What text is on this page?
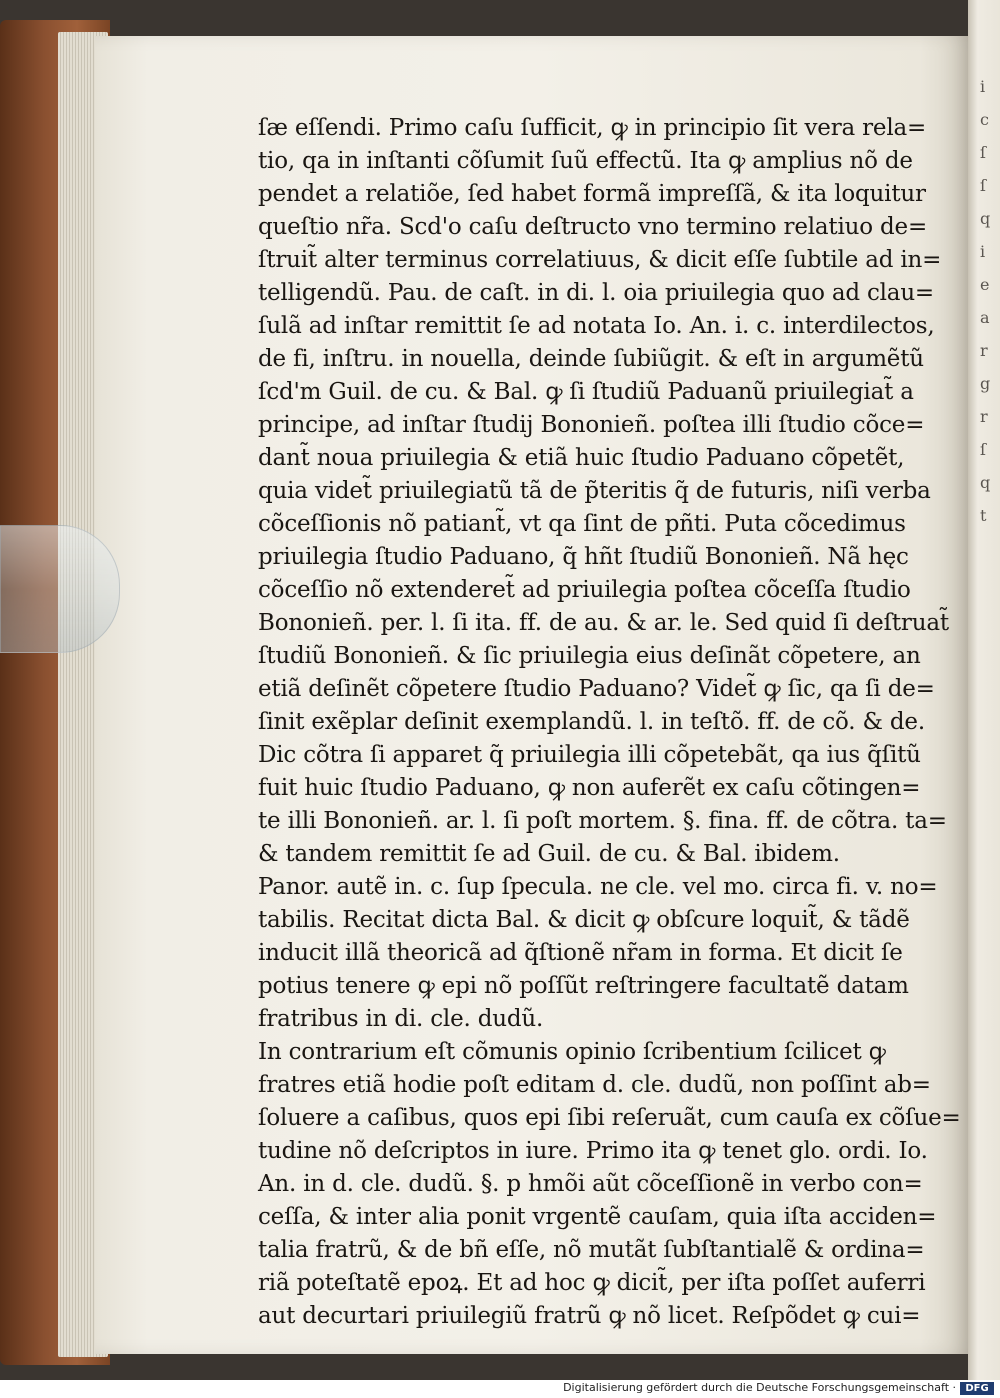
i
c
ſ
ſ
q
i
e
a
r
g
r
ſ
q
t
ſæ eſſendi. Primo caſu ſufficit, ꝙ in principio ſit vera rela=
tio, qa in inſtanti cõſumit ſuũ effectũ. Ita ꝙ amplius nõ de
pendet a relatiõe, ſed habet formã impreſſã, & ita loquitur
queſtio nr̃a. Scd'o caſu deſtructo vno termino relatiuo de=
ſtruit̃ alter terminus correlatiuus, & dicit eſſe ſubtile ad in=
telligendũ. Pau. de caſt. in di. l. oia priuilegia quo ad clau=
ſulã ad inſtar remittit ſe ad notata Io. An. i. c. interdilectos,
de fi, inſtru. in nouella, deinde ſubiũgit. & eſt in argumẽtũ
ſcd'm Guil. de cu. & Bal. ꝙ ſi ſtudiũ Paduanũ priuilegiat̃ a
principe, ad inſtar ſtudij Bononieñ. poſtea illi ſtudio cõce=
dant̃ noua priuilegia & etiã huic ſtudio Paduano cõpetẽt,
quia videt̃ priuilegiatũ tã de p̃teritis q̃ de futuris, niſi verba
cõceſſionis nõ patiant̃, vt qa ſint de pñti. Puta cõcedimus
priuilegia ſtudio Paduano, q̃ hñt ſtudiũ Bononieñ. Nã hęc
cõceſſio nõ extenderet̃ ad priuilegia poſtea cõceſſa ſtudio
Bononieñ. per. l. ſi ita. ff. de au. & ar. le. Sed quid ſi deſtruat̃
ſtudiũ Bononieñ. & ſic priuilegia eius deſinãt cõpetere, an
etiã deſinẽt cõpetere ſtudio Paduano? Videt̃ ꝙ ſic, qa ſi de=
ſinit exẽplar deſinit exemplandũ. l. in teſtõ. ff. de cõ. & de.
Dic cõtra ſi apparet q̃ priuilegia illi cõpetebãt, qa ius q̃ſitũ
fuit huic ſtudio Paduano, ꝙ non auferẽt ex caſu cõtingen=
te illi Bononieñ. ar. l. ſi poſt mortem. §. fina. ff. de cõtra. ta=
& tandem remittit ſe ad Guil. de cu. & Bal. ibidem.
Panor. autẽ in. c. ſup ſpecula. ne cle. vel mo. circa fi. v. no=
tabilis. Recitat dicta Bal. & dicit ꝙ obſcure loquit̃, & tãdẽ
inducit illã theoricã ad q̃ſtionẽ nr̃am in forma. Et dicit ſe
potius tenere ꝙ epi nõ poſſũt reſtringere facultatẽ datam
fratribus in di. cle. dudũ.
In contrarium eſt cõmunis opinio ſcribentium ſcilicet ꝙ
fratres etiã hodie poſt editam d. cle. dudũ, non poſſint ab=
ſoluere a caſibus, quos epi ſibi reſeruãt, cum cauſa ex cõſue=
tudine nõ deſcriptos in iure. Primo ita ꝙ tenet glo. ordi. Io.
An. in d. cle. dudũ. §. p hmõi aũt cõceſſionẽ in verbo con=
ceſſa, & inter alia ponit vrgentẽ cauſam, quia iſta acciden=
talia fratrũ, & de bñ eſſe, nõ mutãt ſubſtantialẽ & ordina=
riã poteſtatẽ epoꝝ. Et ad hoc ꝙ dicit̃, per iſta poſſet auferri
aut decurtari priuilegiũ fratrũ ꝙ nõ licet. Reſpõdet ꝙ cui=
Digitalisierung gefördert durch die Deutsche Forschungsgemeinschaft · DFG
